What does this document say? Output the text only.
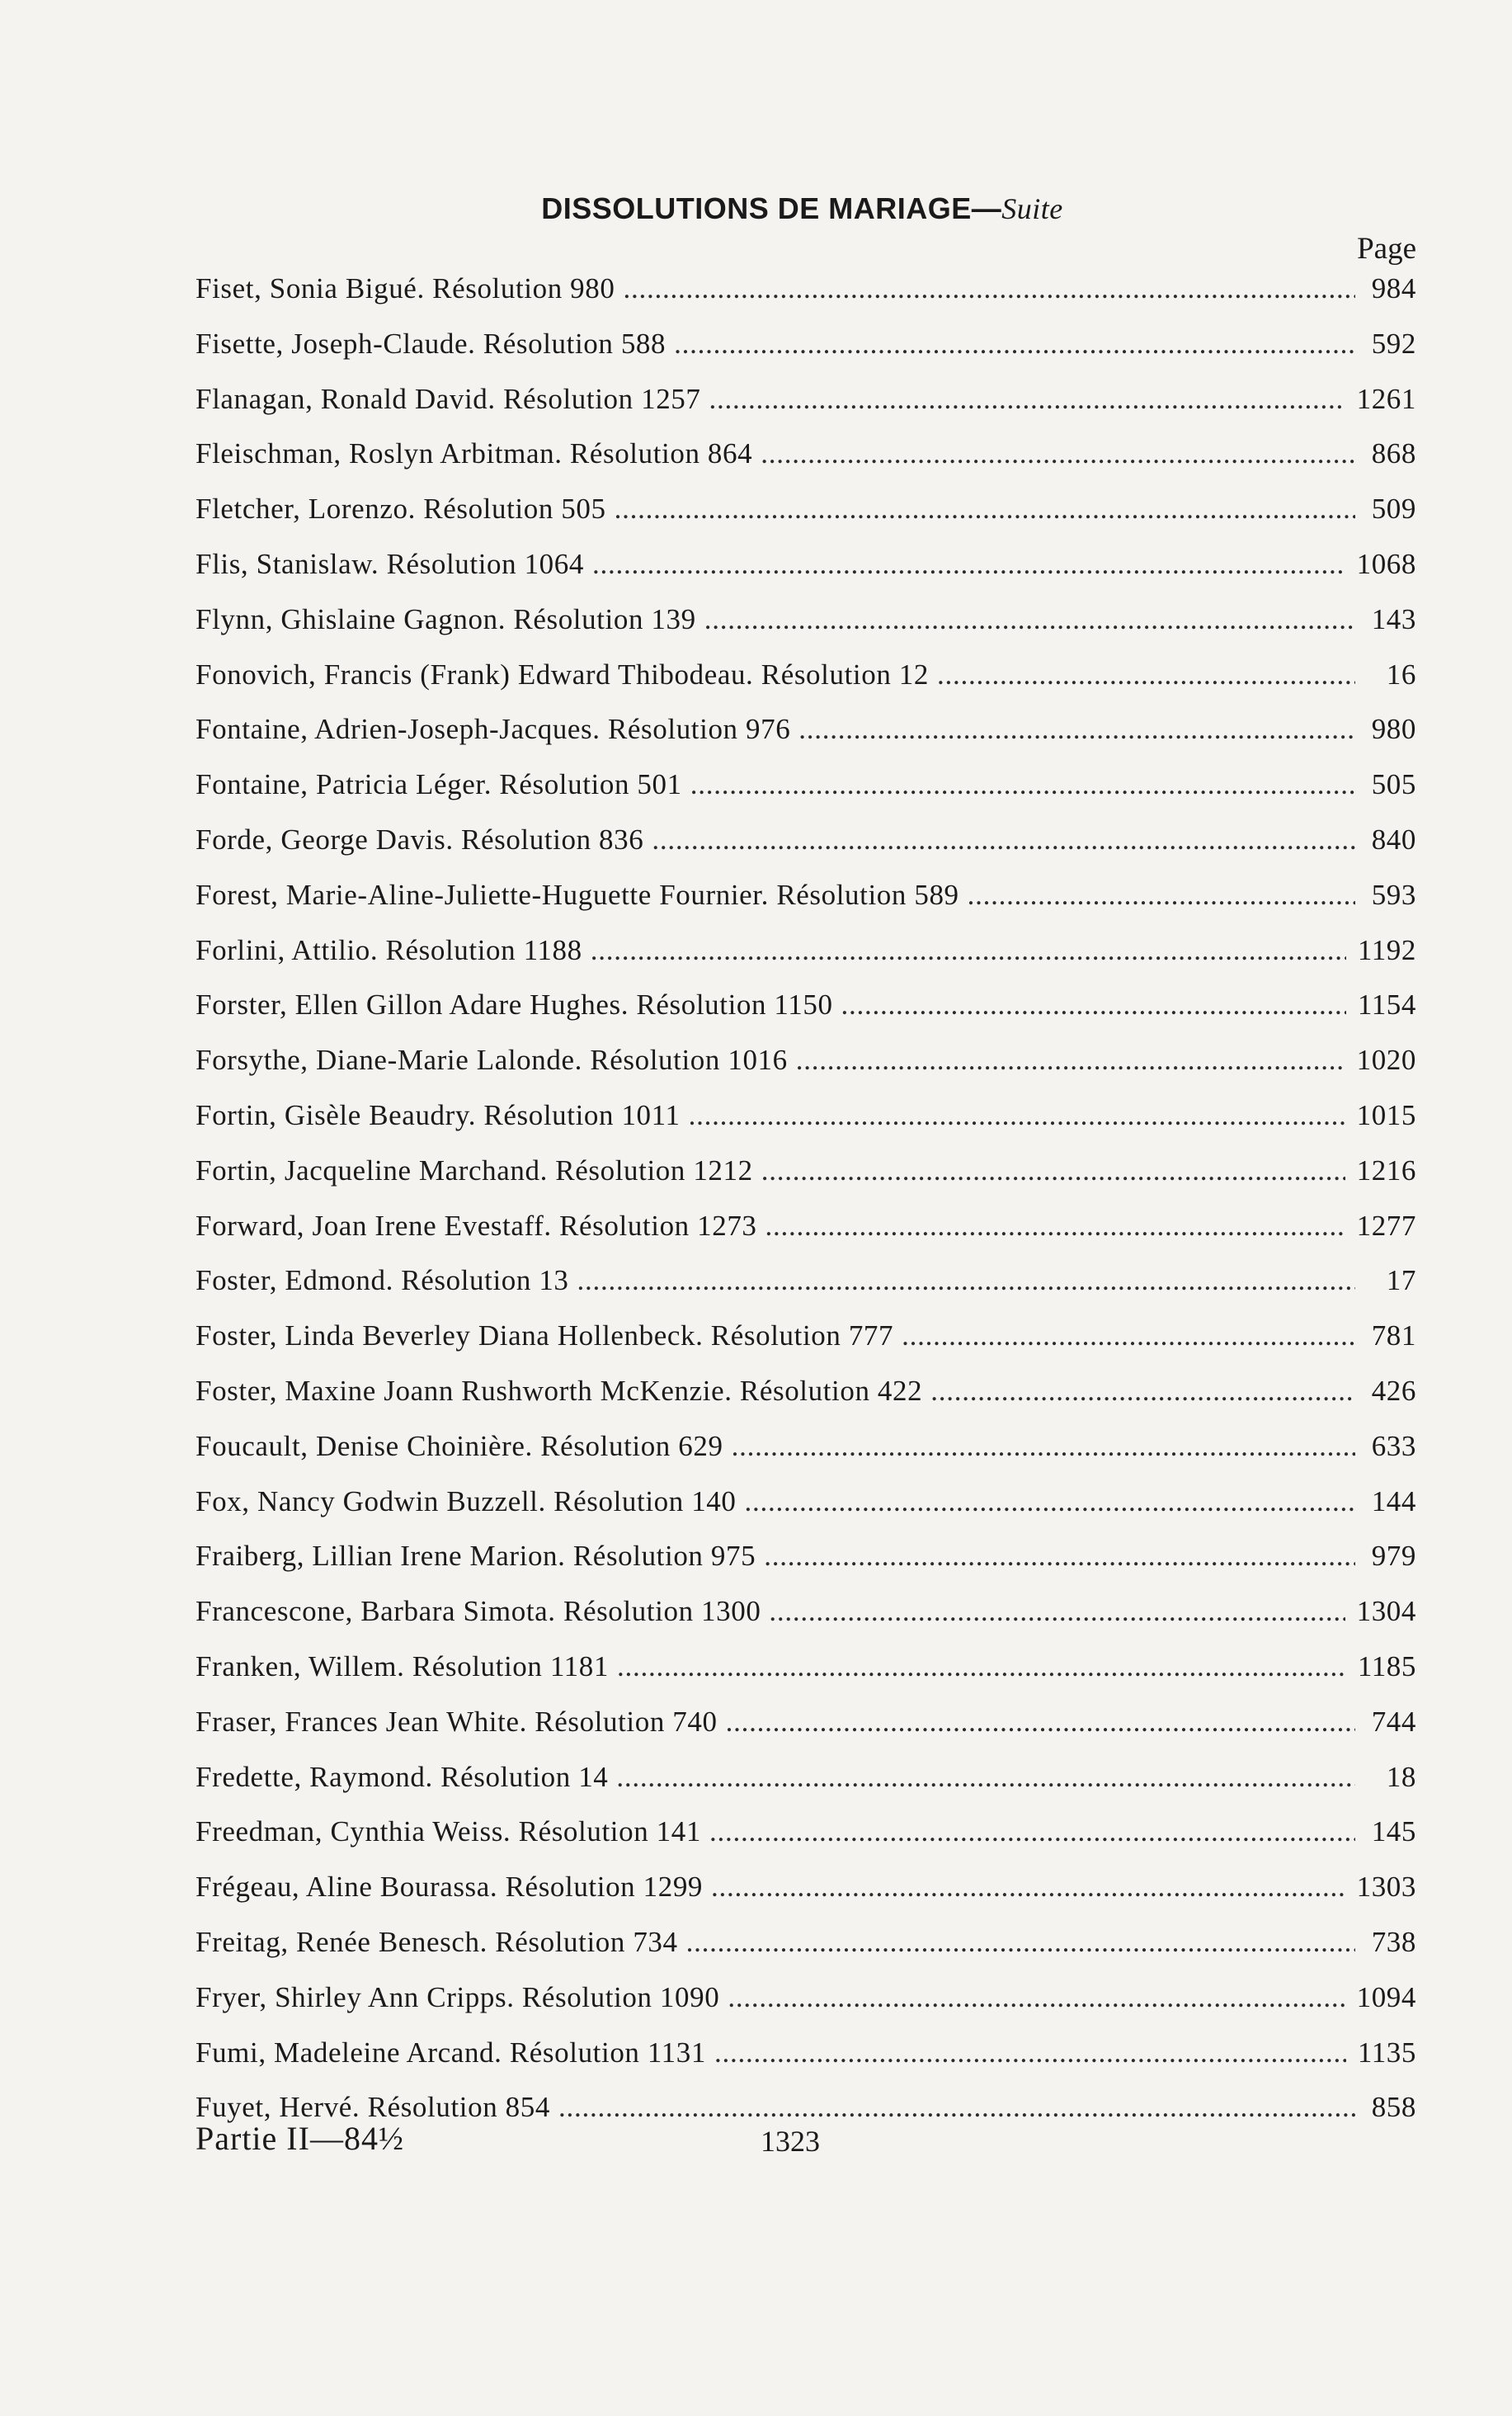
DISSOLUTIONS DE MARIAGE—Suite
Page
Fiset, Sonia Bigué. Résolution 980 . . .	984
Fisette, Joseph-Claude. Résolution 588 . . .	592
Flanagan, Ronald David. Résolution 1257 . . .	1261
Fleischman, Roslyn Arbitman. Résolution 864 . . .	868
Fletcher, Lorenzo. Résolution 505 . . .	509
Flis, Stanislaw. Résolution 1064 . . .	1068
Flynn, Ghislaine Gagnon. Résolution 139 . . .	143
Fonovich, Francis (Frank) Edward Thibodeau. Résolution 12 . . .	16
Fontaine, Adrien-Joseph-Jacques. Résolution 976 . . .	980
Fontaine, Patricia Léger. Résolution 501 . . .	505
Forde, George Davis. Résolution 836 . . .	840
Forest, Marie-Aline-Juliette-Huguette Fournier. Résolution 589 . . .	593
Forlini, Attilio. Résolution 1188 . . .	1192
Forster, Ellen Gillon Adare Hughes. Résolution 1150 . . .	1154
Forsythe, Diane-Marie Lalonde. Résolution 1016 . . .	1020
Fortin, Gisèle Beaudry. Résolution 1011 . . .	1015
Fortin, Jacqueline Marchand. Résolution 1212 . . .	1216
Forward, Joan Irene Evestaff. Résolution 1273 . . .	1277
Foster, Edmond. Résolution 13 . . .	17
Foster, Linda Beverley Diana Hollenbeck. Résolution 777 . . .	781
Foster, Maxine Joann Rushworth McKenzie. Résolution 422 . . .	426
Foucault, Denise Choinière. Résolution 629 . . .	633
Fox, Nancy Godwin Buzzell. Résolution 140 . . .	144
Fraiberg, Lillian Irene Marion. Résolution 975 . . .	979
Francescone, Barbara Simota. Résolution 1300 . . .	1304
Franken, Willem. Résolution 1181 . . .	1185
Fraser, Frances Jean White. Résolution 740 . . .	744
Fredette, Raymond. Résolution 14 . . .	18
Freedman, Cynthia Weiss. Résolution 141 . . .	145
Frégeau, Aline Bourassa. Résolution 1299 . . .	1303
Freitag, Renée Benesch. Résolution 734 . . .	738
Fryer, Shirley Ann Cripps. Résolution 1090 . . .	1094
Fumi, Madeleine Arcand. Résolution 1131 . . .	1135
Fuyet, Hervé. Résolution 854 . . .	858
Partie II—84½	1323
